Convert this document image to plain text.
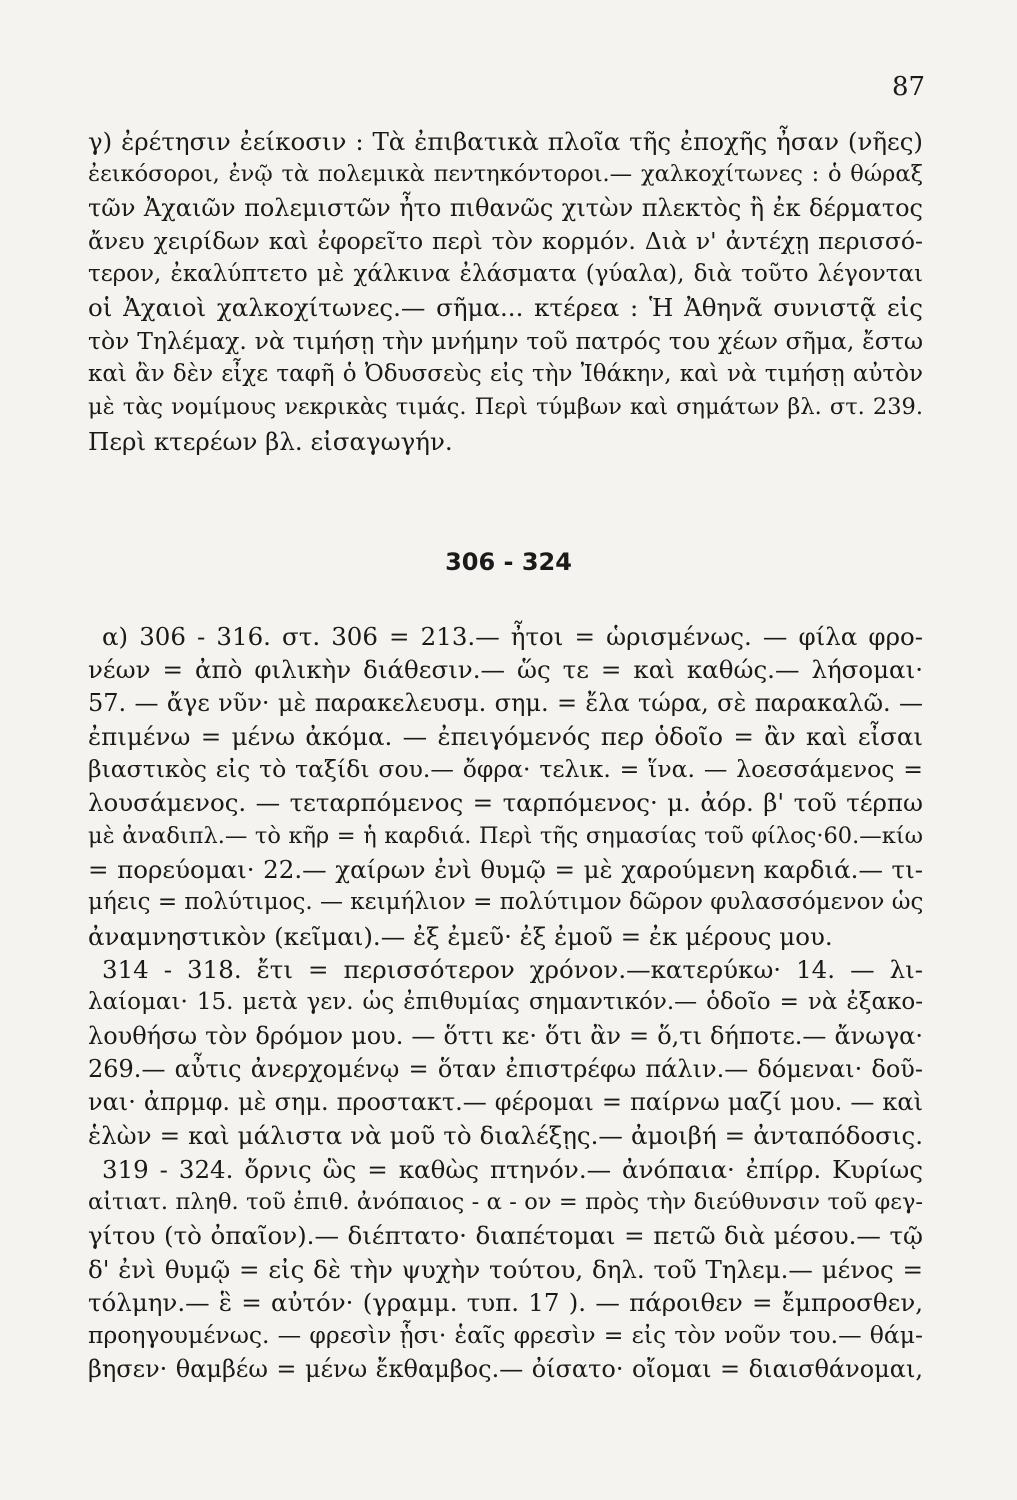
87
γ) ἐρέτησιν ἐείκοσιν : Τὰ ἐπιβατικὰ πλοῖα τῆς ἐποχῆς ἦσαν (νῆες)
ἐεικόσοροι, ἐνῷ τὰ πολεμικὰ πεντηκόντοροι.— χαλκοχίτωνες : ὁ θώραξ
τῶν Ἀχαιῶν πολεμιστῶν ἦτο πιθανῶς χιτὼν πλεκτὸς ἢ ἐκ δέρματος
ἄνευ χειρίδων καὶ ἐφορεῖτο περὶ τὸν κορμόν. Διὰ ν' ἀντέχῃ περισσό-
τερον, ἐκαλύπτετο μὲ χάλκινα ἐλάσματα (γύαλα), διὰ τοῦτο λέγονται
οἱ Ἀχαιοὶ χαλκοχίτωνες.— σῆμα... κτέρεα : Ἡ Ἀθηνᾶ συνιστᾷ εἰς
τὸν Τηλέμαχ. νὰ τιμήσῃ τὴν μνήμην τοῦ πατρός του χέων σῆμα, ἔστω
καὶ ἂν δὲν εἶχε ταφῆ ὁ Ὀδυσσεὺς εἰς τὴν Ἰθάκην, καὶ νὰ τιμήσῃ αὐτὸν
μὲ τὰς νομίμους νεκρικὰς τιμάς. Περὶ τύμβων καὶ σημάτων βλ. στ. 239.
Περὶ κτερέων βλ. εἰσαγωγήν.
306 - 324
α) 306 - 316. στ. 306 = 213.— ἦτοι = ὡρισμένως. — φίλα φρο-
νέων = ἀπὸ φιλικὴν διάθεσιν.— ὥς τε = καὶ καθώς.— λήσομαι·
57. — ἄγε νῦν· μὲ παρακελευσμ. σημ. = ἔλα τώρα, σὲ παρακαλῶ. —
ἐπιμένω = μένω ἀκόμα. — ἐπειγόμενός περ ὁδοῖο = ἂν καὶ εἶσαι
βιαστικὸς εἰς τὸ ταξίδι σου.— ὄφρα· τελικ. = ἵνα. — λοεσσάμενος =
λουσάμενος. — τεταρπόμενος = ταρπόμενος· μ. ἀόρ. β' τοῦ τέρπω
μὲ ἀναδιπλ.— τὸ κῆρ = ἡ καρδιά. Περὶ τῆς σημασίας τοῦ φίλος·60.—κίω
= πορεύομαι· 22.— χαίρων ἐνὶ θυμῷ = μὲ χαρούμενη καρδιά.— τι-
μήεις = πολύτιμος. — κειμήλιον = πολύτιμον δῶρον φυλασσόμενον ὡς
ἀναμνηστικὸν (κεῖμαι).— ἐξ ἐμεῦ· ἐξ ἐμοῦ = ἐκ μέρους μου.
314 - 318. ἔτι = περισσότερον χρόνον.—κατερύκω· 14. — λι-
λαίομαι· 15. μετὰ γεν. ὡς ἐπιθυμίας σημαντικόν.— ὁδοῖο = νὰ ἐξακο-
λουθήσω τὸν δρόμον μου. — ὅττι κε· ὅτι ἂν = ὅ,τι δήποτε.— ἄνωγα·
269.— αὖτις ἀνερχομένῳ = ὅταν ἐπιστρέφω πάλιν.— δόμεναι· δοῦ-
ναι· ἀπρμφ. μὲ σημ. προστακτ.— φέρομαι = παίρνω μαζί μου. — καὶ
ἑλὼν = καὶ μάλιστα νὰ μοῦ τὸ διαλέξῃς.— ἀμοιβή = ἀνταπόδοσις.
319 - 324. ὄρνις ὣς = καθὼς πτηνόν.— ἀνόπαια· ἐπίρρ. Κυρίως
αἰτιατ. πληθ. τοῦ ἐπιθ. ἀνόπαιος - α - ον = πρὸς τὴν διεύθυνσιν τοῦ φεγ-
γίτου (τὸ ὀπαῖον).— διέπτατο· διαπέτομαι = πετῶ διὰ μέσου.— τῷ
δ' ἐνὶ θυμῷ = εἰς δὲ τὴν ψυχὴν τούτου, δηλ. τοῦ Τηλεμ.— μένος =
τόλμην.— ἓ = αὐτόν· (γραμμ. τυπ. 17 ). — πάροιθεν = ἔμπροσθεν,
προηγουμένως. — φρεσὶν ᾗσι· ἑαῖς φρεσὶν = εἰς τὸν νοῦν του.— θάμ-
βησεν· θαμβέω = μένω ἔκθαμβος.— ὀίσατο· οἴομαι = διαισθάνομαι,
